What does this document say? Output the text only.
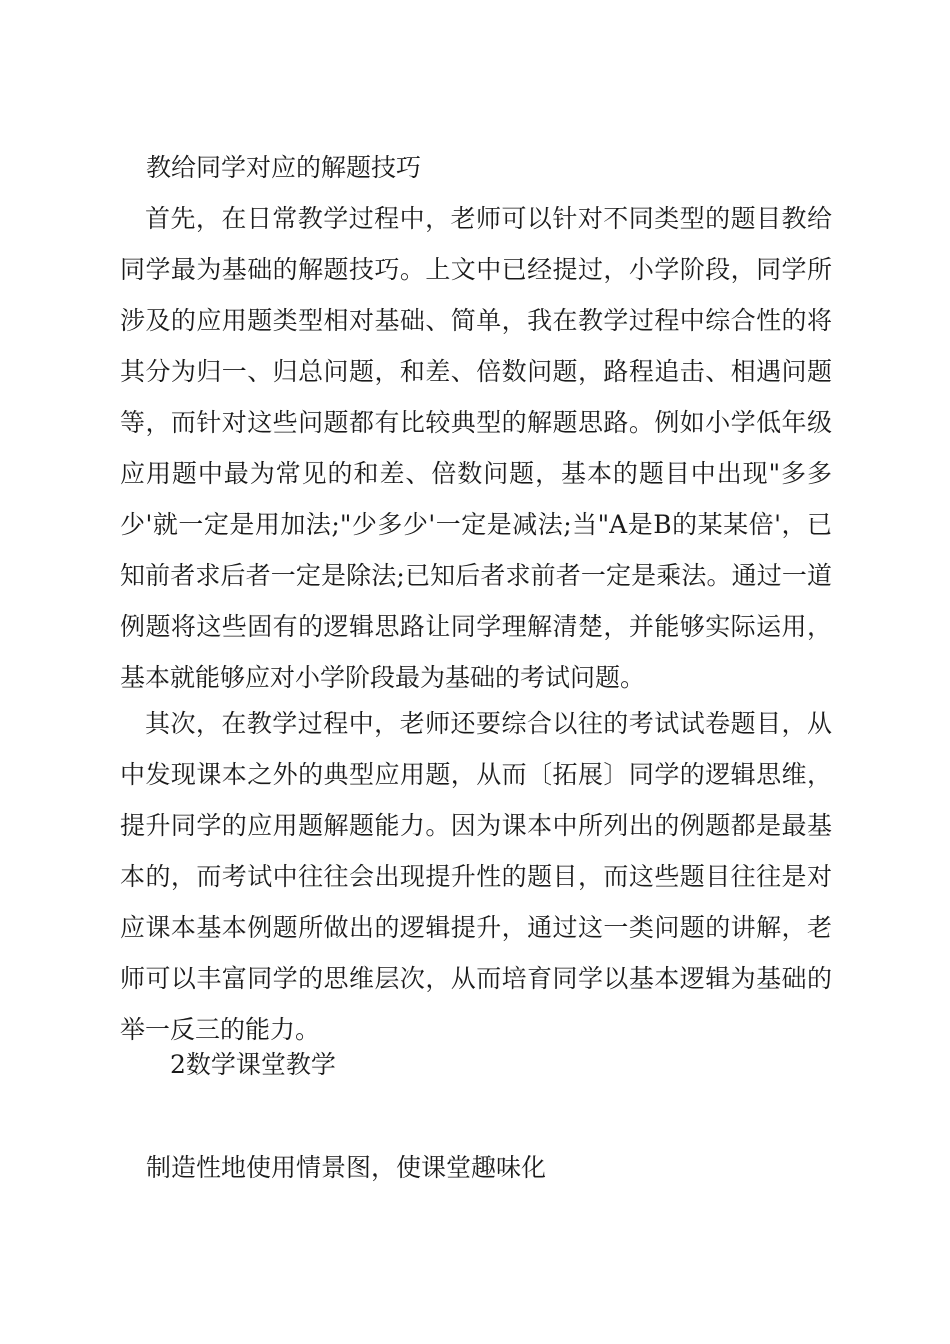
教给同学对应的解题技巧
首先，在日常教学过程中，老师可以针对不同类型的题目教给同学最为基础的解题技巧。上文中已经提过，小学阶段，同学所涉及的应用题类型相对基础、简单，我在教学过程中综合性的将其分为归一、归总问题，和差、倍数问题，路程追击、相遇问题等，而针对这些问题都有比较典型的解题思路。例如小学低年级应用题中最为常见的和差、倍数问题，基本的题目中出现"多多少'就一定是用加法;"少多少'一定是减法;当"A是B的某某倍'，已知前者求后者一定是除法;已知后者求前者一定是乘法。通过一道例题将这些固有的逻辑思路让同学理解清楚，并能够实际运用，基本就能够应对小学阶段最为基础的考试问题。
其次，在教学过程中，老师还要综合以往的考试试卷题目，从中发现课本之外的典型应用题，从而〔拓展〕同学的逻辑思维，提升同学的应用题解题能力。因为课本中所列出的例题都是最基本的，而考试中往往会出现提升性的题目，而这些题目往往是对应课本基本例题所做出的逻辑提升，通过这一类问题的讲解，老师可以丰富同学的思维层次，从而培育同学以基本逻辑为基础的举一反三的能力。
2数学课堂教学
制造性地使用情景图，使课堂趣味化
